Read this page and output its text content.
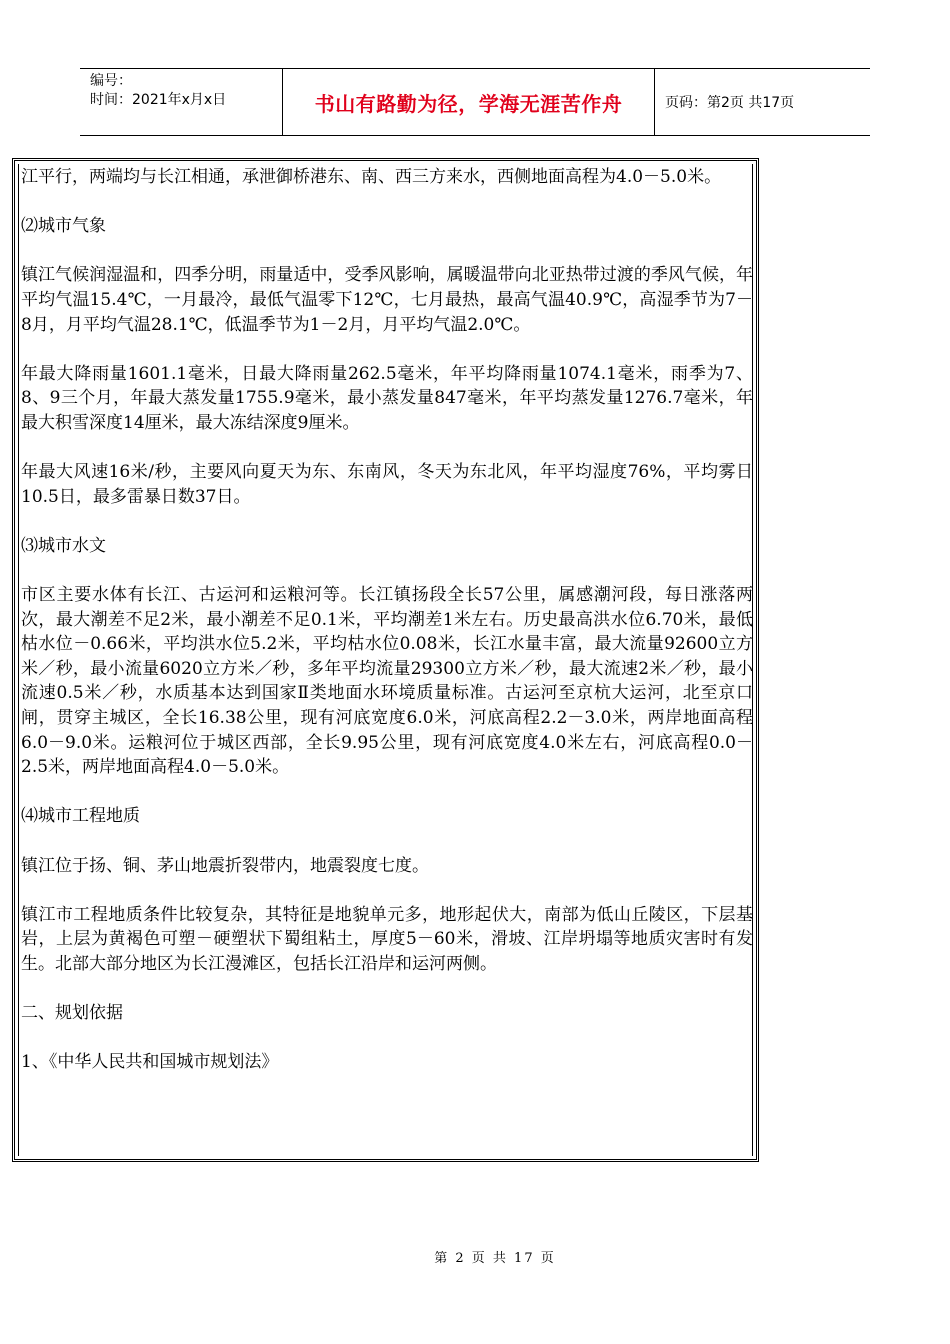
编号：
时间：2021年x月x日	书山有路勤为径，学海无涯苦作舟	页码：第2页 共17页

江平行，两端均与长江相通，承泄御桥港东、南、西三方来水，西侧地面高程为4.0－5.0米。

⑵城市气象

镇江气候润湿温和，四季分明，雨量适中，受季风影响，属暖温带向北亚热带过渡的季风气候，年平均气温15.4℃，一月最冷，最低气温零下12℃，七月最热，最高气温40.9℃，高湿季节为7－8月，月平均气温28.1℃，低温季节为1－2月，月平均气温2.0℃。

年最大降雨量1601.1毫米，日最大降雨量262.5毫米，年平均降雨量1074.1毫米，雨季为7、8、9三个月，年最大蒸发量1755.9毫米，最小蒸发量847毫米，年平均蒸发量1276.7毫米，年最大积雪深度14厘米，最大冻结深度9厘米。

年最大风速16米/秒，主要风向夏天为东、东南风，冬天为东北风，年平均湿度76%，平均雾日10.5日，最多雷暴日数37日。

⑶城市水文

市区主要水体有长江、古运河和运粮河等。长江镇扬段全长57公里，属感潮河段，每日涨落两次，最大潮差不足2米，最小潮差不足0.1米，平均潮差1米左右。历史最高洪水位6.70米，最低枯水位－0.66米，平均洪水位5.2米，平均枯水位0.08米，长江水量丰富，最大流量92600立方米／秒，最小流量6020立方米／秒，多年平均流量29300立方米／秒，最大流速2米／秒，最小流速0.5米／秒，水质基本达到国家Ⅱ类地面水环境质量标准。古运河至京杭大运河，北至京口闸，贯穿主城区，全长16.38公里，现有河底宽度6.0米，河底高程2.2－3.0米，两岸地面高程6.0－9.0米。运粮河位于城区西部，全长9.95公里，现有河底宽度4.0米左右，河底高程0.0－2.5米，两岸地面高程4.0－5.0米。

⑷城市工程地质

镇江位于扬、铜、茅山地震折裂带内，地震裂度七度。

镇江市工程地质条件比较复杂，其特征是地貌单元多，地形起伏大，南部为低山丘陵区，下层基岩，上层为黄褐色可塑－硬塑状下蜀组粘土，厚度5－60米，滑坡、江岸坍塌等地质灾害时有发生。北部大部分地区为长江漫滩区，包括长江沿岸和运河两侧。

二、规划依据

1、《中华人民共和国城市规划法》

第 2 页 共 17 页
